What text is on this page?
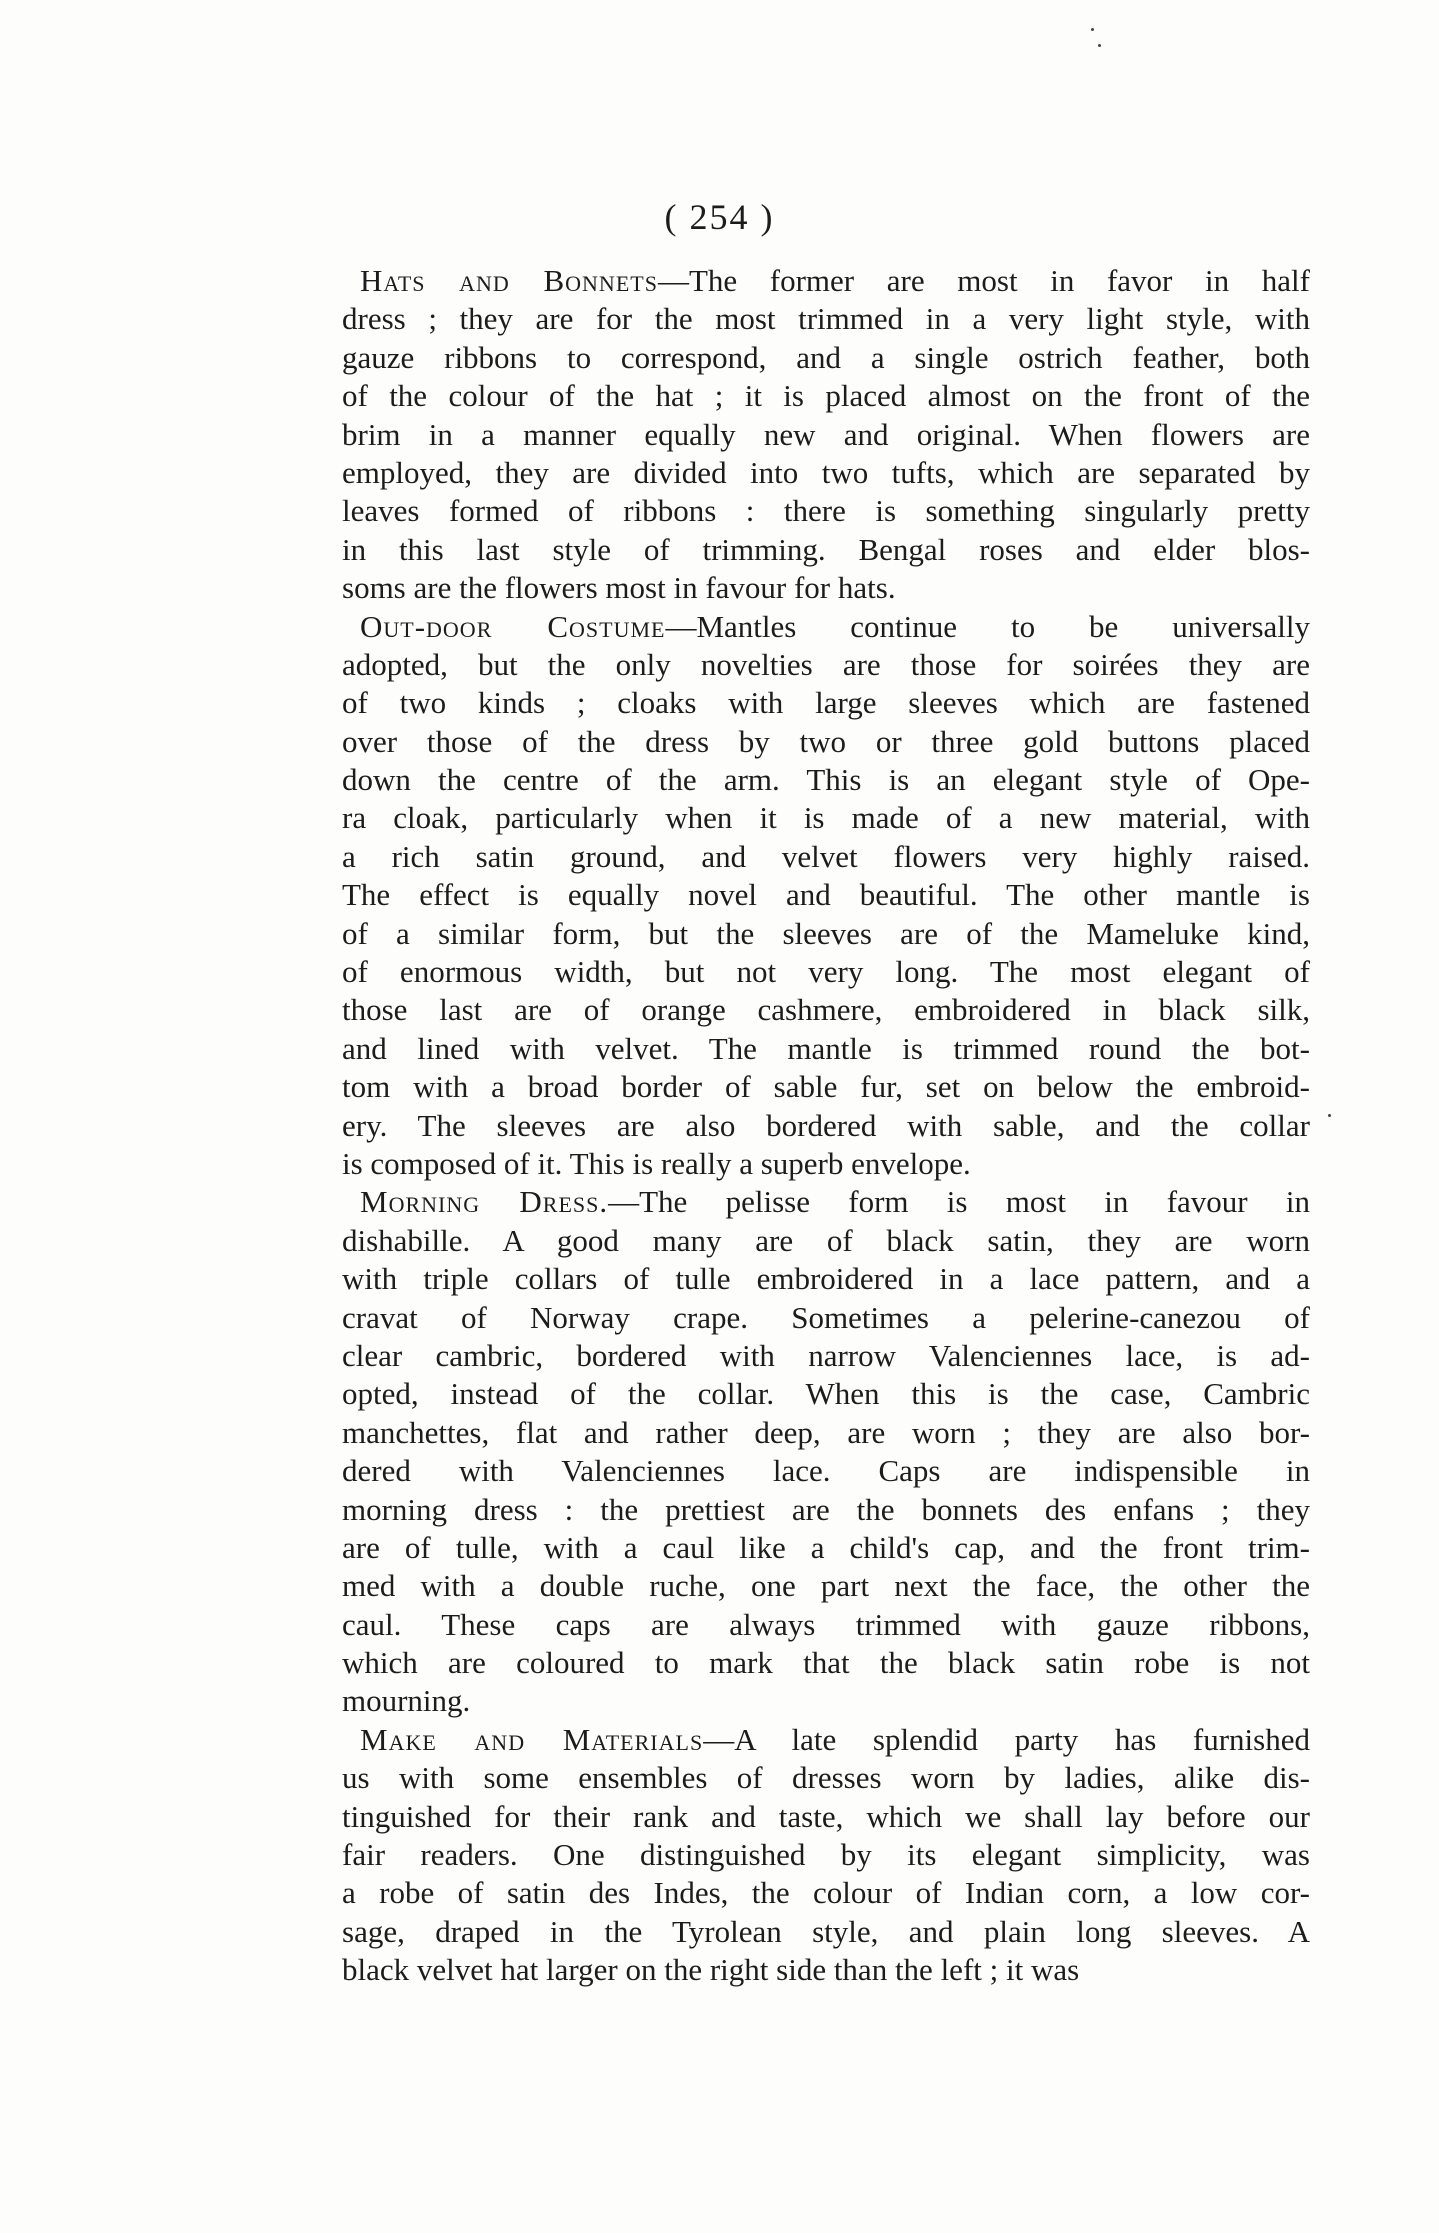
( 254 )
Hats and Bonnets—The former are most in favor in half
dress ; they are for the most trimmed in a very light style, with
gauze ribbons to correspond, and a single ostrich feather, both
of the colour of the hat ; it is placed almost on the front of the
brim in a manner equally new and original. When flowers are
employed, they are divided into two tufts, which are separated by
leaves formed of ribbons : there is something singularly pretty
in this last style of trimming. Bengal roses and elder blos-
soms are the flowers most in favour for hats.
Out-door Costume—Mantles continue to be universally
adopted, but the only novelties are those for soirées they are
of two kinds ; cloaks with large sleeves which are fastened
over those of the dress by two or three gold buttons placed
down the centre of the arm. This is an elegant style of Ope-
ra cloak, particularly when it is made of a new material, with
a rich satin ground, and velvet flowers very highly raised.
The effect is equally novel and beautiful. The other mantle is
of a similar form, but the sleeves are of the Mameluke kind,
of enormous width, but not very long. The most elegant of
those last are of orange cashmere, embroidered in black silk,
and lined with velvet. The mantle is trimmed round the bot-
tom with a broad border of sable fur, set on below the embroid-
ery. The sleeves are also bordered with sable, and the collar
is composed of it. This is really a superb envelope.
Morning Dress.—The pelisse form is most in favour in
dishabille. A good many are of black satin, they are worn
with triple collars of tulle embroidered in a lace pattern, and a
cravat of Norway crape. Sometimes a pelerine-canezou of
clear cambric, bordered with narrow Valenciennes lace, is ad-
opted, instead of the collar. When this is the case, Cambric
manchettes, flat and rather deep, are worn ; they are also bor-
dered with Valenciennes lace. Caps are indispensible in
morning dress : the prettiest are the bonnets des enfans ; they
are of tulle, with a caul like a child's cap, and the front trim-
med with a double ruche, one part next the face, the other the
caul. These caps are always trimmed with gauze ribbons,
which are coloured to mark that the black satin robe is not
mourning.
Make and Materials—A late splendid party has furnished
us with some ensembles of dresses worn by ladies, alike dis-
tinguished for their rank and taste, which we shall lay before our
fair readers. One distinguished by its elegant simplicity, was
a robe of satin des Indes, the colour of Indian corn, a low cor-
sage, draped in the Tyrolean style, and plain long sleeves. A
black velvet hat larger on the right side than the left ; it was
